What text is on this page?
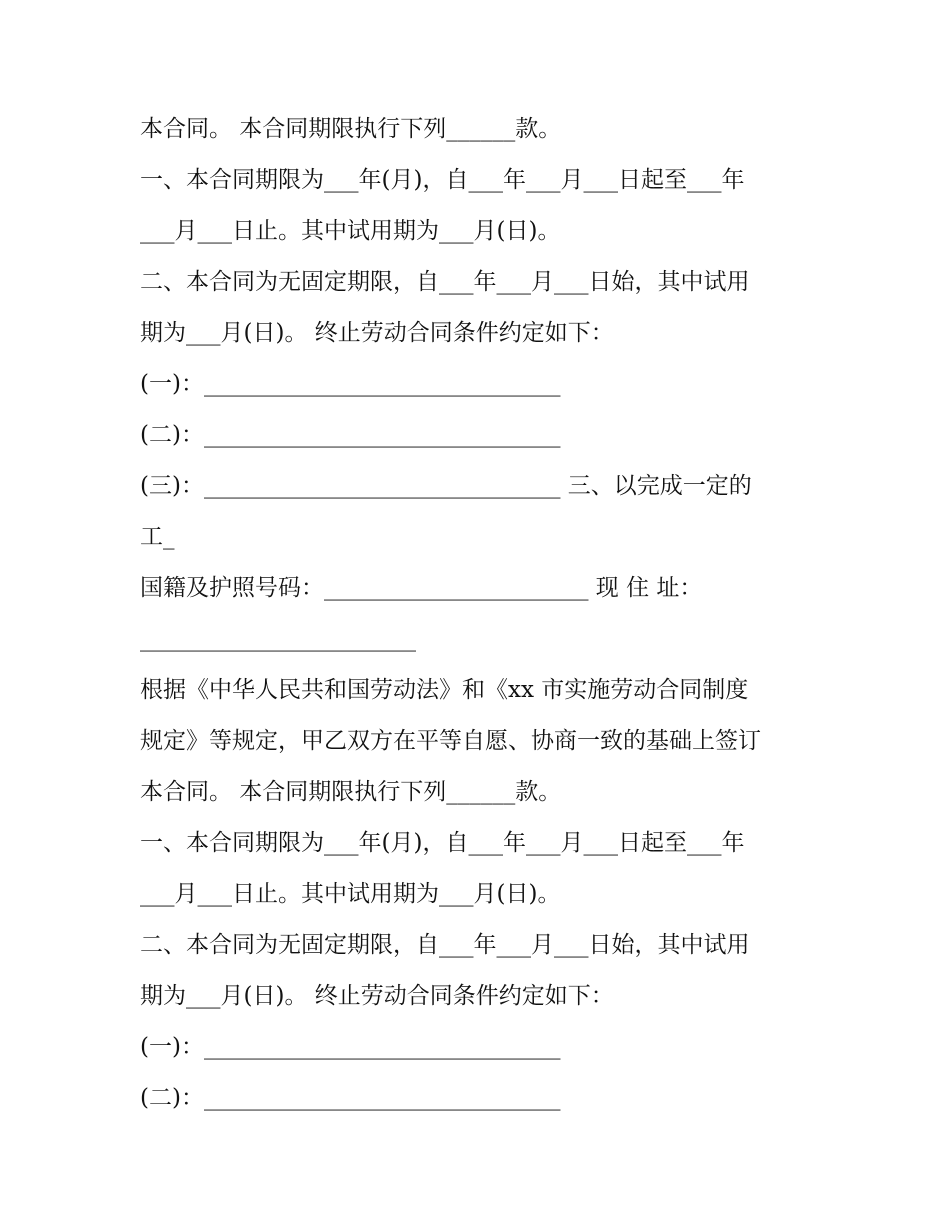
本合同。 本合同期限执行下列______款。

一、本合同期限为___年(月)，自___年___月___日起至___年

___月___日止。其中试用期为___月(日)。

二、本合同为无固定期限，自___年___月___日始，其中试用

期为___月(日)。 终止劳动合同条件约定如下：

(一)：_______________________________

(二)：_______________________________

(三)：_______________________________ 三、以完成一定的

工_

国籍及护照号码：_______________________ 现 住 址：

________________________

根据《中华人民共和国劳动法》和《xx 市实施劳动合同制度

规定》等规定，甲乙双方在平等自愿、协商一致的基础上签订

本合同。 本合同期限执行下列______款。

一、本合同期限为___年(月)，自___年___月___日起至___年

___月___日止。其中试用期为___月(日)。

二、本合同为无固定期限，自___年___月___日始，其中试用

期为___月(日)。 终止劳动合同条件约定如下：

(一)：_______________________________

(二)：_______________________________
